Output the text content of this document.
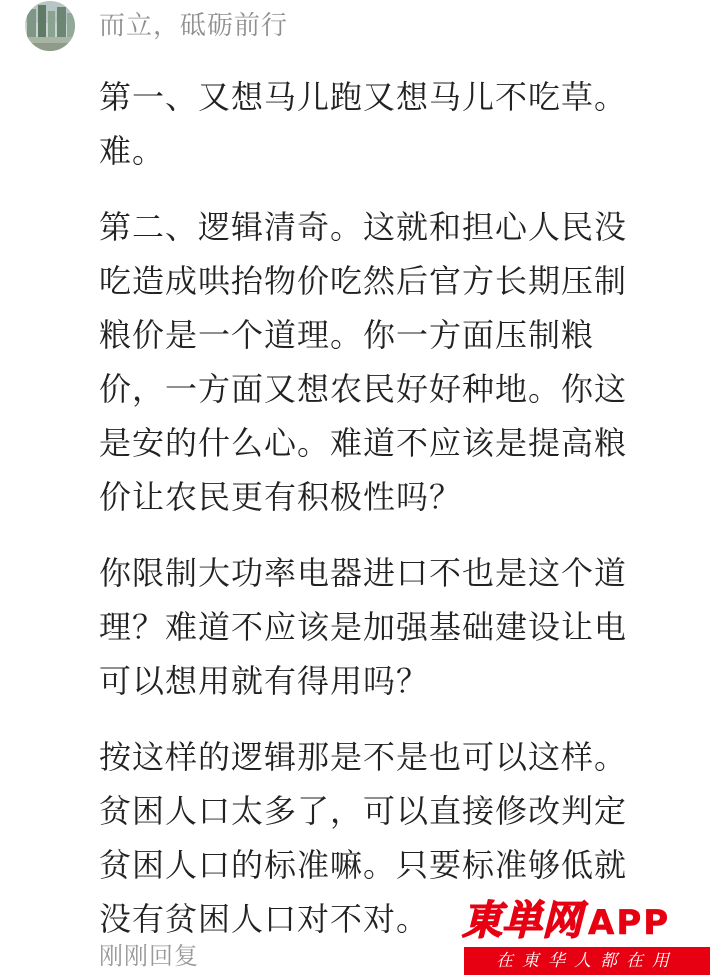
而立，砥砺前行

第一、又想马儿跑又想马儿不吃草。难。

第二、逻辑清奇。这就和担心人民没吃造成哄抬物价吃然后官方长期压制粮价是一个道理。你一方面压制粮价，一方面又想农民好好种地。你这是安的什么心。难道不应该是提高粮价让农民更有积极性吗？

你限制大功率电器进口不也是这个道理？难道不应该是加强基础建设让电可以想用就有得用吗？

按这样的逻辑那是不是也可以这样。贫困人口太多了，可以直接修改判定贫困人口的标准嘛。只要标准够低就没有贫困人口对不对。

刚刚回复
東単网 APP
在東华人都在用
